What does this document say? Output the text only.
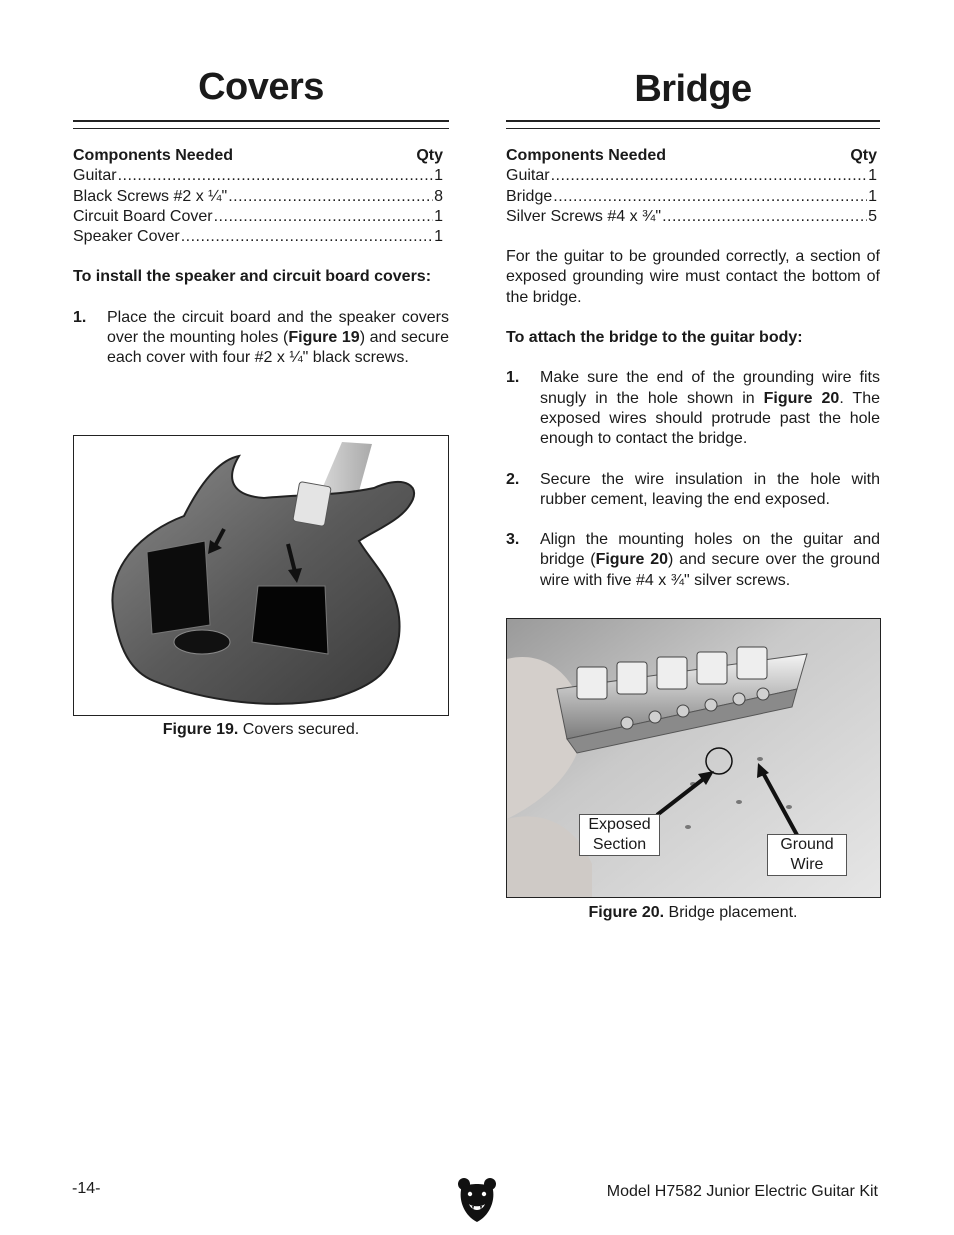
Covers
Components Needed	Qty
Guitar .....	1
Black Screws #2 x ¼" .....	8
Circuit Board Cover .....	1
Speaker Cover .....	1

To install the speaker and circuit board covers:

1.	Place the circuit board and the speaker covers over the mounting holes (Figure 19) and secure each cover with four #2 x ¼" black screws.
Figure 19. Covers secured.
Bridge
Components Needed	Qty
Guitar .....	1
Bridge .....	1
Silver Screws #4 x ¾" .....	5

For the guitar to be grounded correctly, a section of exposed grounding wire must contact the bottom of the bridge.

To attach the bridge to the guitar body:

1.	Make sure the end of the grounding wire fits snugly in the hole shown in Figure 20. The exposed wires should protrude past the hole enough to contact the bridge.
2.	Secure the wire insulation in the hole with rubber cement, leaving the end exposed.
3.	Align the mounting holes on the guitar and bridge (Figure 20) and secure over the ground wire with five #4 x ¾" silver screws.
Exposed
Section	Ground
Wire
Figure 20. Bridge placement.
-14-	Model H7582 Junior Electric Guitar Kit
